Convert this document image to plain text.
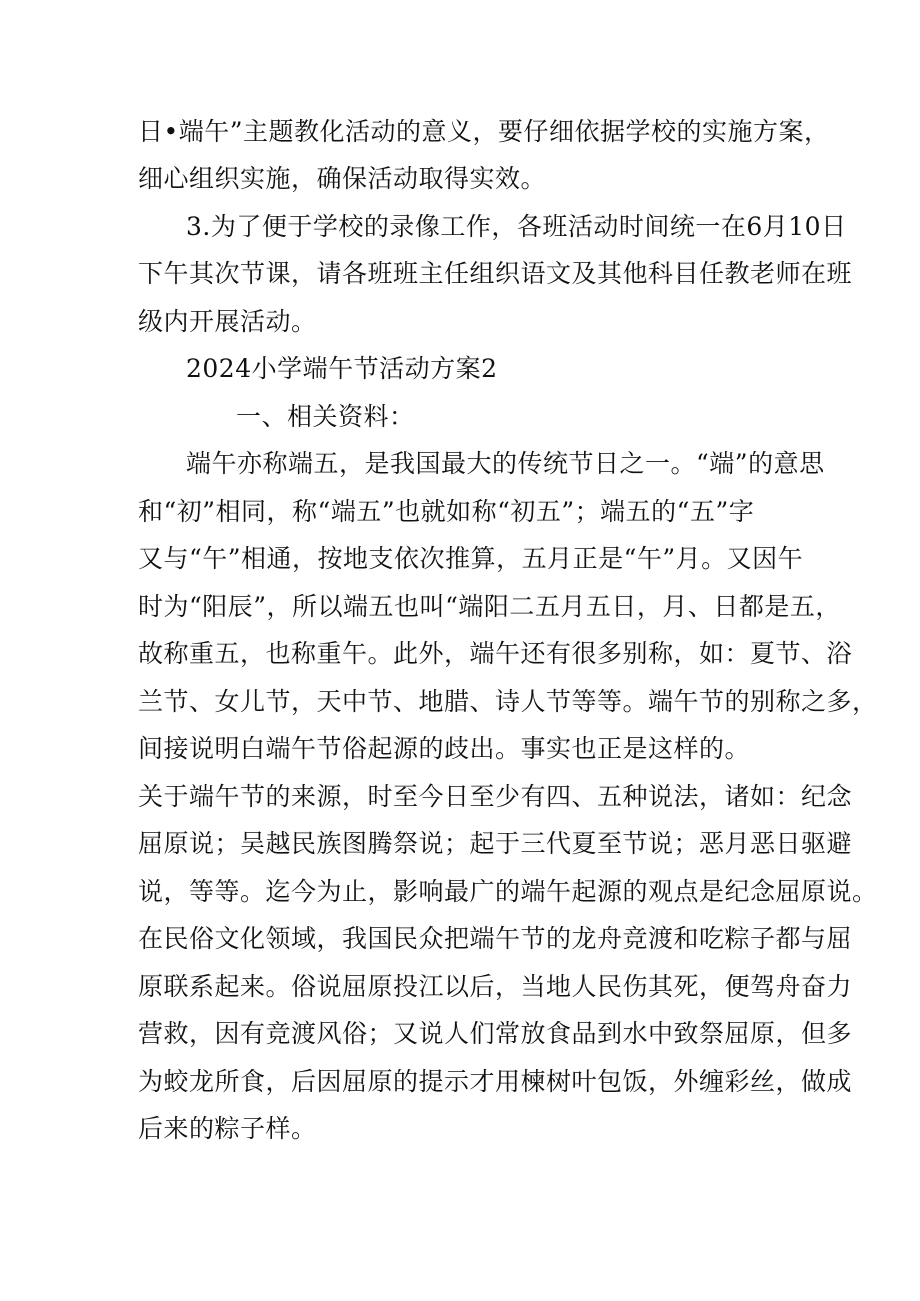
日•端午”主题教化活动的意义，要仔细依据学校的实施方案，
细心组织实施，确保活动取得实效。
3.为了便于学校的录像工作，各班活动时间统一在6月10日
下午其次节课，请各班班主任组织语文及其他科目任教老师在班
级内开展活动。
2024小学端午节活动方案2
一、相关资料：
端午亦称端五，是我国最大的传统节日之一。“端”的意思
和“初”相同，称“端五”也就如称“初五”；端五的“五”字
又与“午”相通，按地支依次推算，五月正是“午”月。又因午
时为“阳辰”，所以端五也叫“端阳二五月五日，月、日都是五，
故称重五，也称重午。此外，端午还有很多别称，如：夏节、浴
兰节、女儿节，天中节、地腊、诗人节等等。端午节的别称之多，
间接说明白端午节俗起源的歧出。事实也正是这样的。
关于端午节的来源，时至今日至少有四、五种说法，诸如：纪念
屈原说；吴越民族图腾祭说；起于三代夏至节说；恶月恶日驱避
说，等等。迄今为止，影响最广的端午起源的观点是纪念屈原说。
在民俗文化领域，我国民众把端午节的龙舟竞渡和吃粽子都与屈
原联系起来。俗说屈原投江以后，当地人民伤其死，便驾舟奋力
营救，因有竞渡风俗；又说人们常放食品到水中致祭屈原，但多
为蛟龙所食，后因屈原的提示才用楝树叶包饭，外缠彩丝，做成
后来的粽子样。
